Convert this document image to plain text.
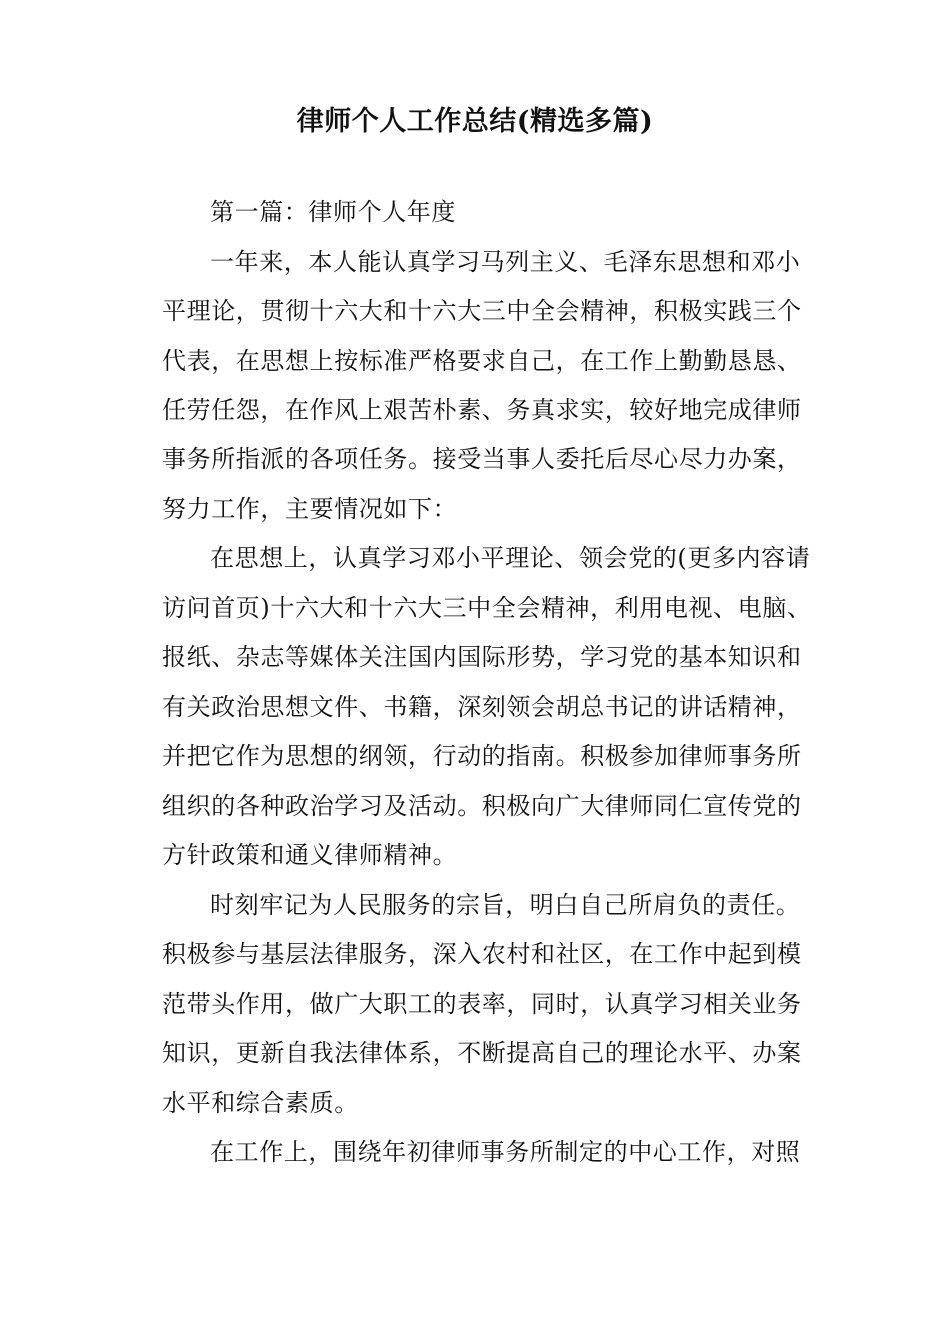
律师个人工作总结(精选多篇)
第一篇：律师个人年度
一年来，本人能认真学习马列主义、毛泽东思想和邓小
平理论，贯彻十六大和十六大三中全会精神，积极实践三个
代表，在思想上按标准严格要求自己，在工作上勤勤恳恳、
任劳任怨，在作风上艰苦朴素、务真求实，较好地完成律师
事务所指派的各项任务。接受当事人委托后尽心尽力办案，
努力工作，主要情况如下：
在思想上，认真学习邓小平理论、领会党的(更多内容请
访问首页)十六大和十六大三中全会精神，利用电视、电脑、
报纸、杂志等媒体关注国内国际形势，学习党的基本知识和
有关政治思想文件、书籍，深刻领会胡总书记的讲话精神，
并把它作为思想的纲领，行动的指南。积极参加律师事务所
组织的各种政治学习及活动。积极向广大律师同仁宣传党的
方针政策和通义律师精神。
时刻牢记为人民服务的宗旨，明白自己所肩负的责任。
积极参与基层法律服务，深入农村和社区，在工作中起到模
范带头作用，做广大职工的表率，同时，认真学习相关业务
知识，更新自我法律体系，不断提高自己的理论水平、办案
水平和综合素质。
在工作上，围绕年初律师事务所制定的中心工作，对照
